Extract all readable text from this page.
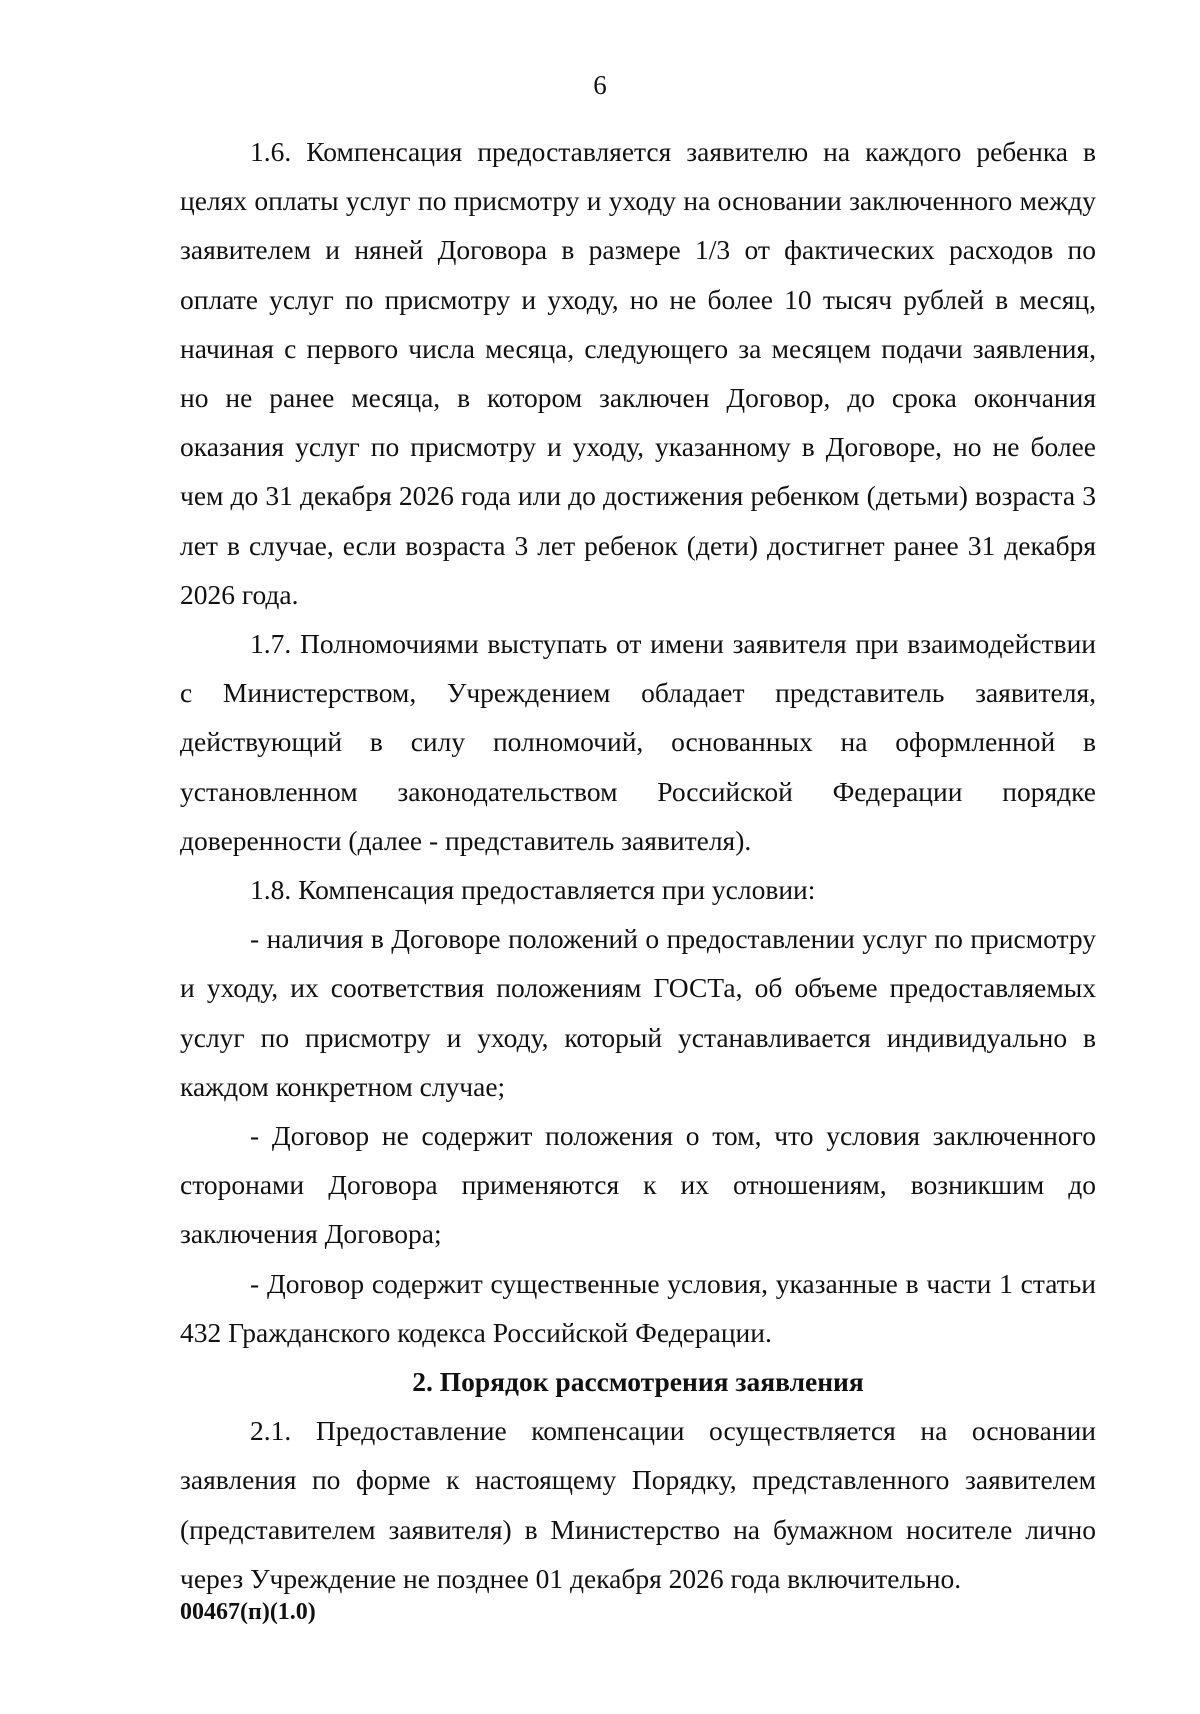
6

1.6. Компенсация предоставляется заявителю на каждого ребенка в целях оплаты услуг по присмотру и уходу на основании заключенного между заявителем и няней Договора в размере 1/3 от фактических расходов по оплате услуг по присмотру и уходу, но не более 10 тысяч рублей в месяц, начиная с первого числа месяца, следующего за месяцем подачи заявления, но не ранее месяца, в котором заключен Договор, до срока окончания оказания услуг по присмотру и уходу, указанному в Договоре, но не более чем до 31 декабря 2026 года или до достижения ребенком (детьми) возраста 3 лет в случае, если возраста 3 лет ребенок (дети) достигнет ранее 31 декабря 2026 года.

1.7. Полномочиями выступать от имени заявителя при взаимодействии с Министерством, Учреждением обладает представитель заявителя, действующий в силу полномочий, основанных на оформленной в установленном законодательством Российской Федерации порядке доверенности (далее - представитель заявителя).

1.8. Компенсация предоставляется при условии:

- наличия в Договоре положений о предоставлении услуг по присмотру и уходу, их соответствия положениям ГОСТа, об объеме предоставляемых услуг по присмотру и уходу, который устанавливается индивидуально в каждом конкретном случае;

- Договор не содержит положения о том, что условия заключенного сторонами Договора применяются к их отношениям, возникшим до заключения Договора;

- Договор содержит существенные условия, указанные в части 1 статьи 432 Гражданского кодекса Российской Федерации.

2. Порядок рассмотрения заявления

2.1. Предоставление компенсации осуществляется на основании заявления по форме к настоящему Порядку, представленного заявителем (представителем заявителя) в Министерство на бумажном носителе лично через Учреждение не позднее 01 декабря 2026 года включительно.

00467(п)(1.0)
